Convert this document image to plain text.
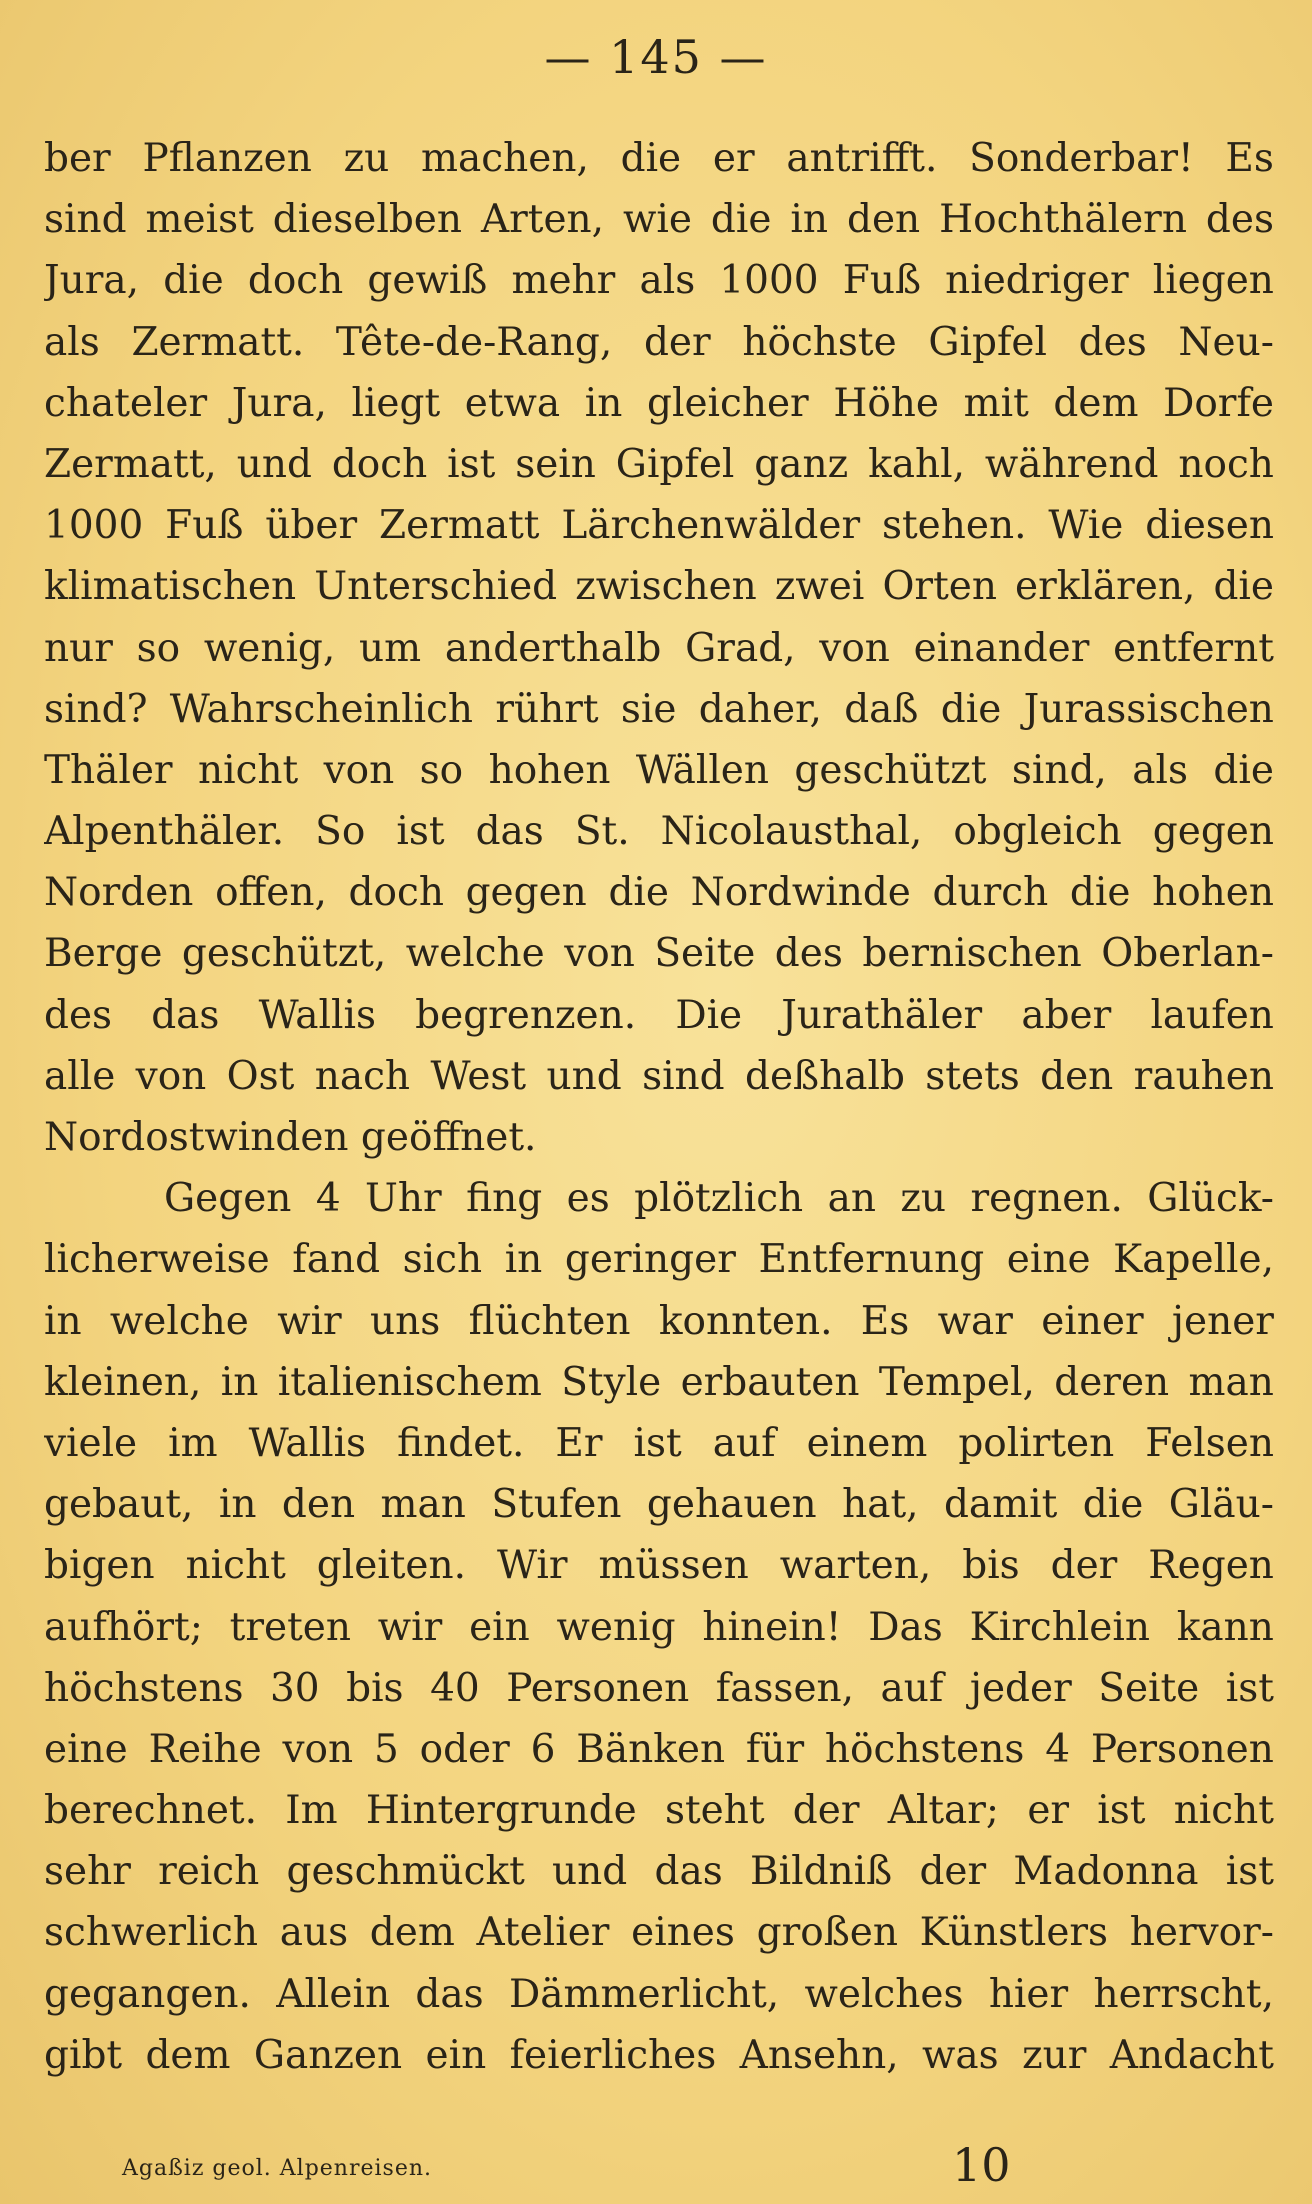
— 145 —
ber Pflanzen zu machen, die er antrifft. Sonderbar! Es
sind meist dieselben Arten, wie die in den Hochthälern des
Jura, die doch gewiß mehr als 1000 Fuß niedriger liegen
als Zermatt. Tête-de-Rang, der höchste Gipfel des Neu-
chateler Jura, liegt etwa in gleicher Höhe mit dem Dorfe
Zermatt, und doch ist sein Gipfel ganz kahl, während noch
1000 Fuß über Zermatt Lärchenwälder stehen. Wie diesen
klimatischen Unterschied zwischen zwei Orten erklären, die
nur so wenig, um anderthalb Grad, von einander entfernt
sind? Wahrscheinlich rührt sie daher, daß die Jurassischen
Thäler nicht von so hohen Wällen geschützt sind, als die
Alpenthäler. So ist das St. Nicolausthal, obgleich gegen
Norden offen, doch gegen die Nordwinde durch die hohen
Berge geschützt, welche von Seite des bernischen Oberlan-
des das Wallis begrenzen. Die Jurathäler aber laufen
alle von Ost nach West und sind deßhalb stets den rauhen
Nordostwinden geöffnet.
Gegen 4 Uhr fing es plötzlich an zu regnen. Glück-
licherweise fand sich in geringer Entfernung eine Kapelle,
in welche wir uns flüchten konnten. Es war einer jener
kleinen, in italienischem Style erbauten Tempel, deren man
viele im Wallis findet. Er ist auf einem polirten Felsen
gebaut, in den man Stufen gehauen hat, damit die Gläu-
bigen nicht gleiten. Wir müssen warten, bis der Regen
aufhört; treten wir ein wenig hinein! Das Kirchlein kann
höchstens 30 bis 40 Personen fassen, auf jeder Seite ist
eine Reihe von 5 oder 6 Bänken für höchstens 4 Personen
berechnet. Im Hintergrunde steht der Altar; er ist nicht
sehr reich geschmückt und das Bildniß der Madonna ist
schwerlich aus dem Atelier eines großen Künstlers hervor-
gegangen. Allein das Dämmerlicht, welches hier herrscht,
gibt dem Ganzen ein feierliches Ansehn, was zur Andacht
Agaßiz geol. Alpenreisen.	10
